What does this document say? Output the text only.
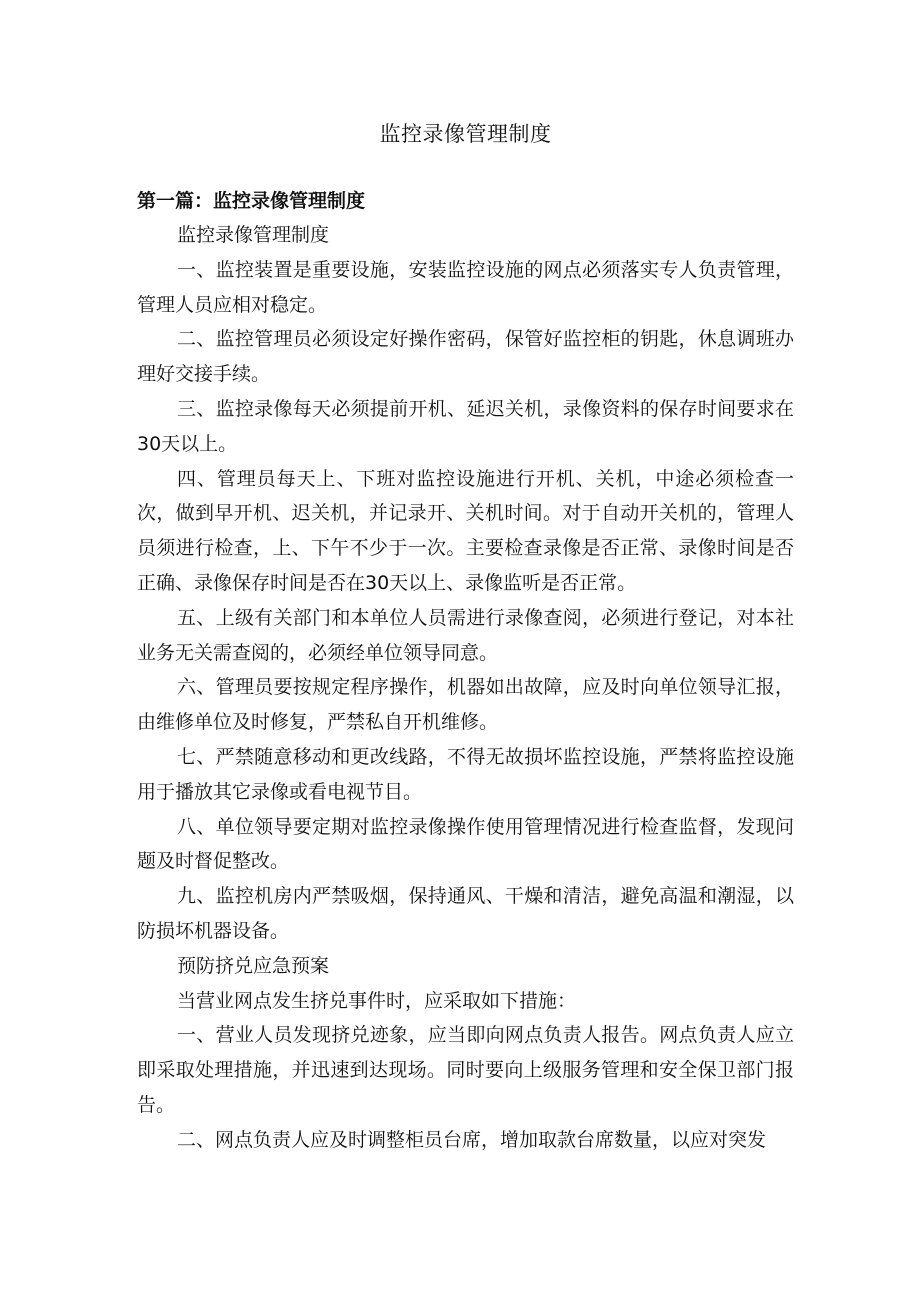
监控录像管理制度
第一篇：监控录像管理制度

监控录像管理制度

一、监控装置是重要设施，安装监控设施的网点必须落实专人负责管理，管理人员应相对稳定。

二、监控管理员必须设定好操作密码，保管好监控柜的钥匙，休息调班办理好交接手续。

三、监控录像每天必须提前开机、延迟关机，录像资料的保存时间要求在30天以上。

四、管理员每天上、下班对监控设施进行开机、关机，中途必须检查一次，做到早开机、迟关机，并记录开、关机时间。对于自动开关机的，管理人员须进行检查，上、下午不少于一次。主要检查录像是否正常、录像时间是否正确、录像保存时间是否在30天以上、录像监听是否正常。

五、上级有关部门和本单位人员需进行录像查阅，必须进行登记，对本社业务无关需查阅的，必须经单位领导同意。

六、管理员要按规定程序操作，机器如出故障，应及时向单位领导汇报，由维修单位及时修复，严禁私自开机维修。

七、严禁随意移动和更改线路，不得无故损坏监控设施，严禁将监控设施用于播放其它录像或看电视节目。

八、单位领导要定期对监控录像操作使用管理情况进行检查监督，发现问题及时督促整改。

九、监控机房内严禁吸烟，保持通风、干燥和清洁，避免高温和潮湿，以防损坏机器设备。

预防挤兑应急预案

当营业网点发生挤兑事件时，应采取如下措施：

一、营业人员发现挤兑迹象，应当即向网点负责人报告。网点负责人应立即采取处理措施，并迅速到达现场。同时要向上级服务管理和安全保卫部门报告。

二、网点负责人应及时调整柜员台席，增加取款台席数量，以应对突发
